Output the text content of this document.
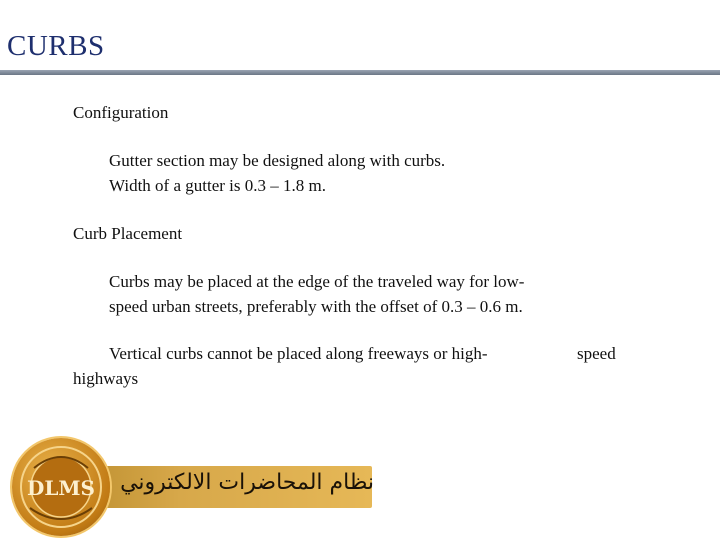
CURBS
Configuration
Gutter section may be designed along with curbs.
Width of a gutter is 0.3 – 1.8 m.
Curb Placement
Curbs may be placed at the edge of the traveled way for low-
speed urban streets, preferably with the offset of 0.3 – 0.6 m.
Vertical curbs cannot be placed along freeways or high-	speed
highways
نظام المحاضرات الالكتروني
DLMS
